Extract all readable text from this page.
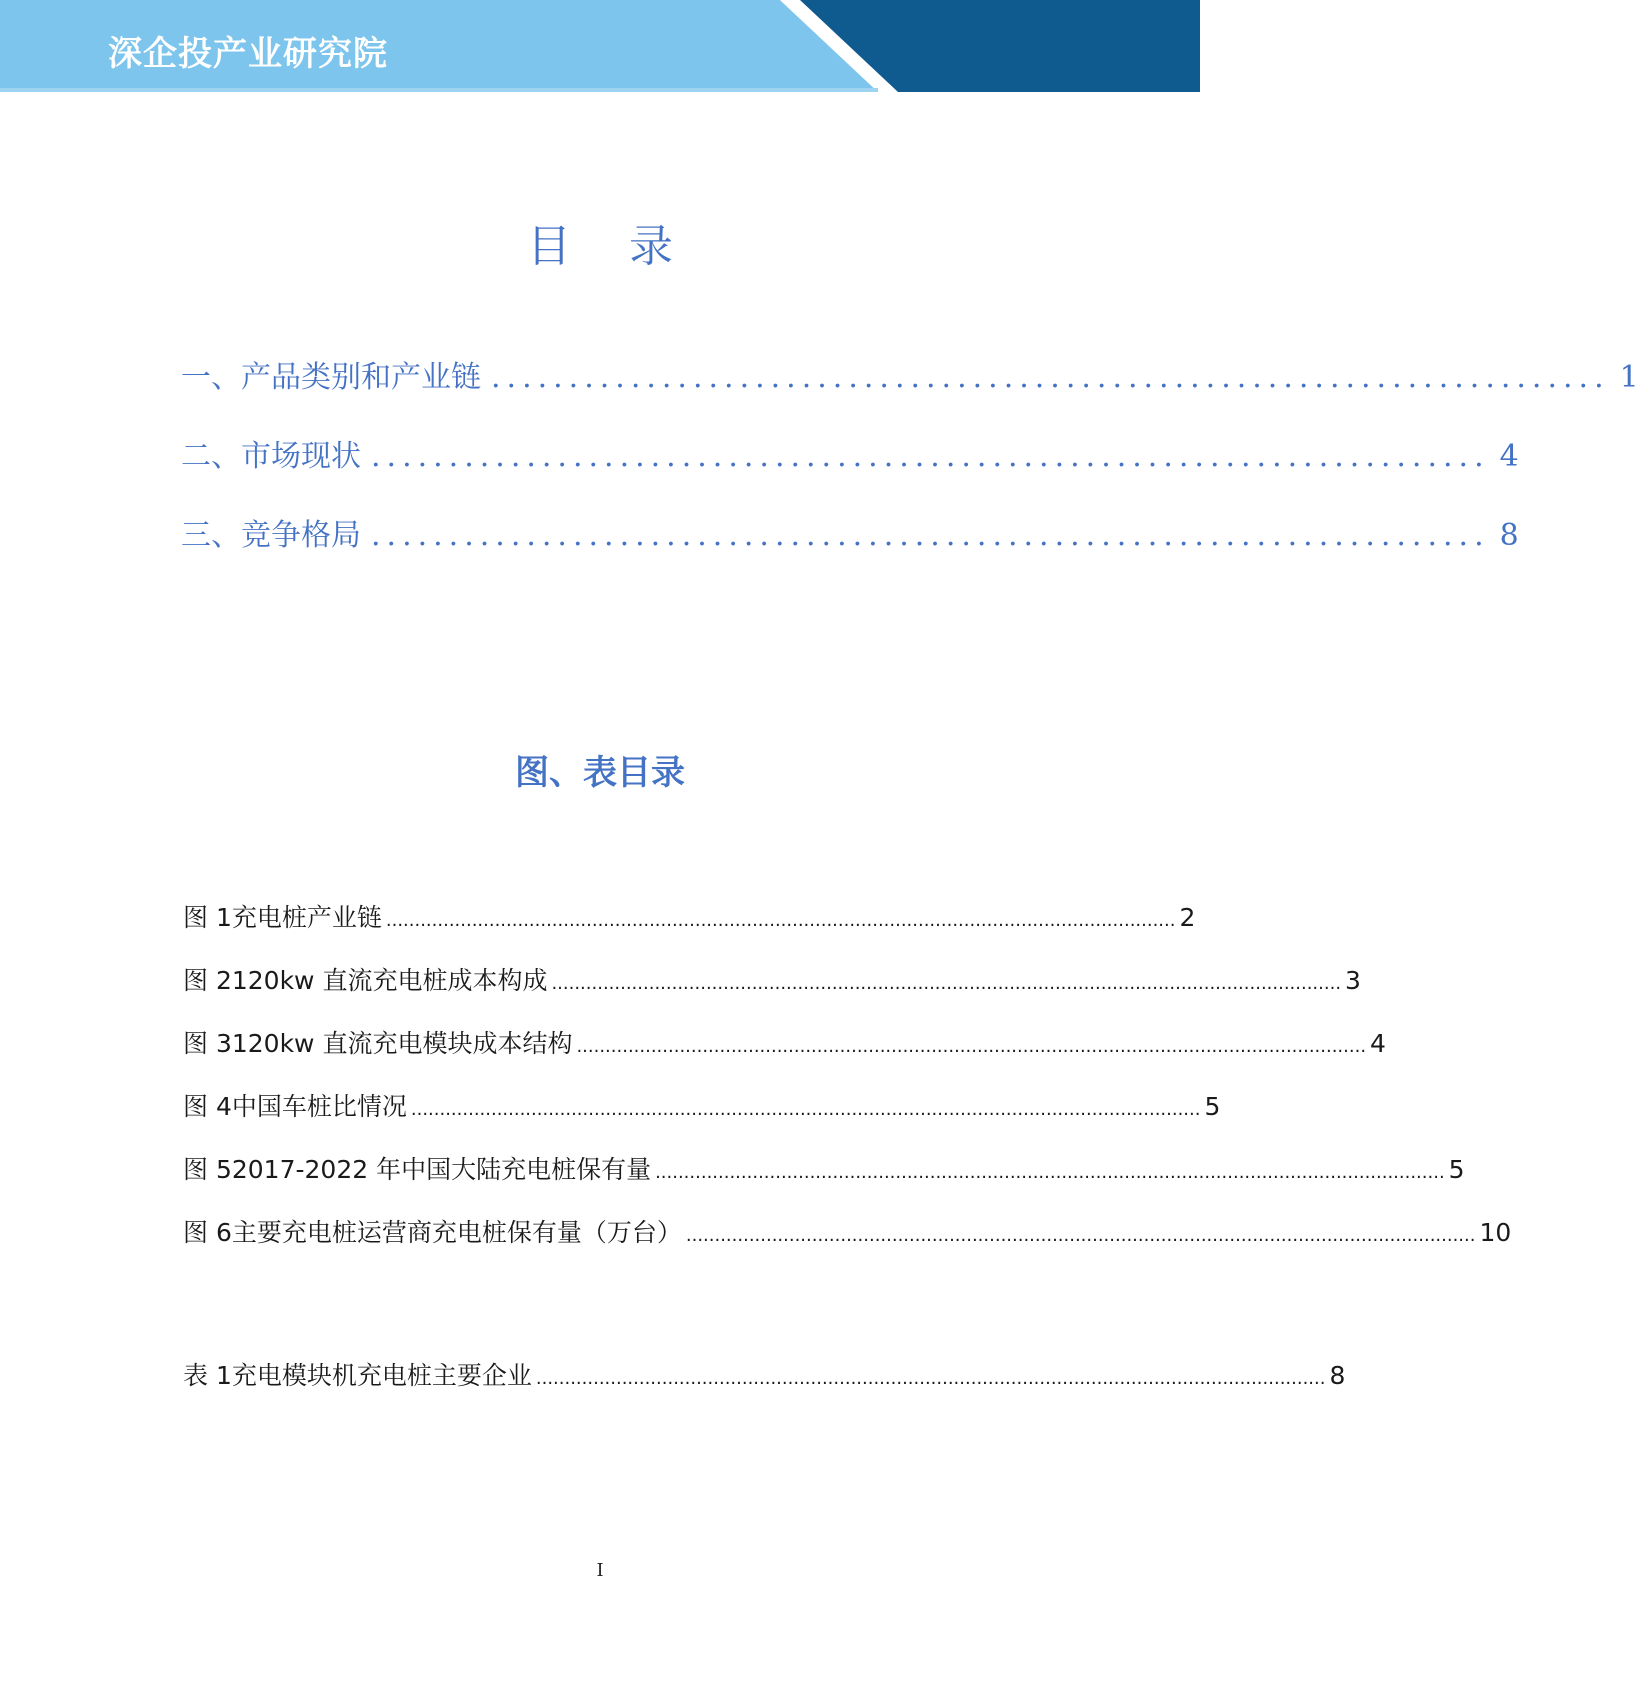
深企投产业研究院
目 录
一、产品类别和产业链 ........................................................................ 1
二、市场现状 ........................................................................ 4
三、竞争格局 ........................................................................ 8
图、表目录
图 1 充电桩产业链 .......................................................................................................................................... 2
图 2 120kw 直流充电桩成本构成 .......................................................................................................................................... 3
图 3 120kw 直流充电模块成本结构 .......................................................................................................................................... 4
图 4 中国车桩比情况 .......................................................................................................................................... 5
图 5 2017-2022 年中国大陆充电桩保有量 .......................................................................................................................................... 5
图 6 主要充电桩运营商充电桩保有量（万台） .......................................................................................................................................... 10
表 1 充电模块机充电桩主要企业 .......................................................................................................................................... 8
I
